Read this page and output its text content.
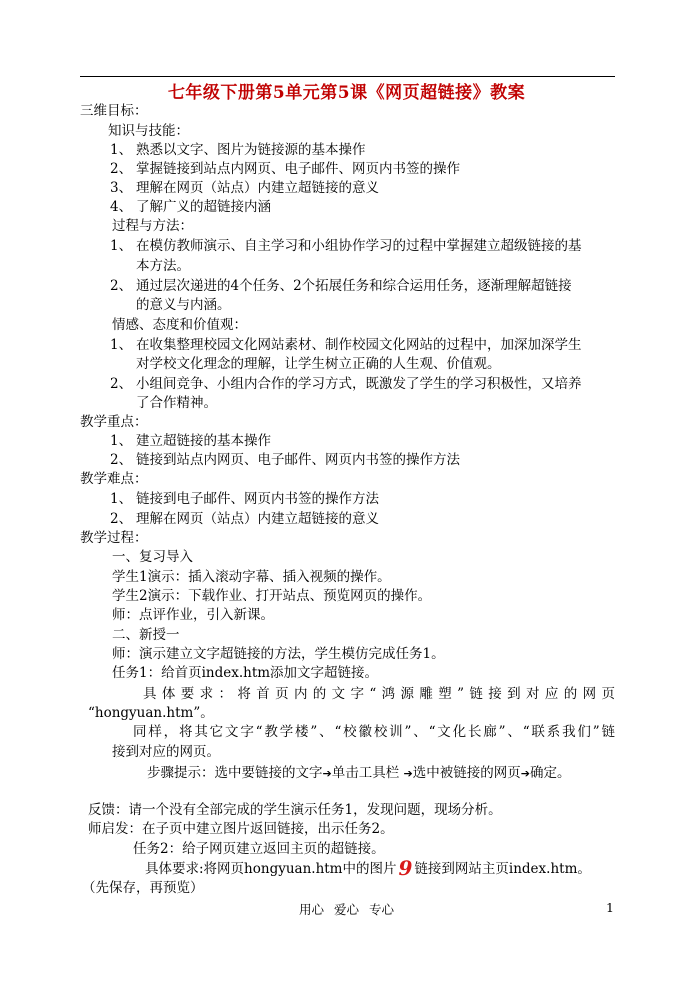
七年级下册第5单元第5课《网页超链接》教案
三维目标：
知识与技能：
1、 熟悉以文字、图片为链接源的基本操作
2、 掌握链接到站点内网页、电子邮件、网页内书签的操作
3、 理解在网页（站点）内建立超链接的意义
4、 了解广义的超链接内涵
过程与方法：
1、 在模仿教师演示、自主学习和小组协作学习的过程中掌握建立超级链接的基
本方法。
2、 通过层次递进的4个任务、2个拓展任务和综合运用任务，逐渐理解超链接
的意义与内涵。
情感、态度和价值观：
1、 在收集整理校园文化网站素材、制作校园文化网站的过程中，加深加深学生
对学校文化理念的理解，让学生树立正确的人生观、价值观。
2、 小组间竞争、小组内合作的学习方式，既激发了学生的学习积极性，又培养
了合作精神。
教学重点：
1、 建立超链接的基本操作
2、 链接到站点内网页、电子邮件、网页内书签的操作方法
教学难点：
1、 链接到电子邮件、网页内书签的操作方法
2、 理解在网页（站点）内建立超链接的意义
教学过程：
一、复习导入
学生1演示：插入滚动字幕、插入视频的操作。
学生2演示：下载作业、打开站点、预览网页的操作。
师：点评作业，引入新课。
二、新授一
师：演示建立文字超链接的方法，学生模仿完成任务1。
任务1：给首页index.htm添加文字超链接。
具体要求：将首页内的文字“鸿源雕塑”链接到对应的网页
“hongyuan.htm”。
同样，将其它文字“教学楼”、“校徽校训”、“文化长廊”、“联系我们”链
接到对应的网页。
步骤提示：选中要链接的文字➔单击工具栏 ➔选中被链接的网页➔确定。
反馈：请一个没有全部完成的学生演示任务1，发现问题，现场分析。
师启发：在子页中建立图片返回链接，出示任务2。
任务2：给子网页建立返回主页的超链接。
具体要求:将网页hongyuan.htm中的图片 9 链接到网站主页index.htm。
（先保存，再预览）
用心 爱心 专心	1
